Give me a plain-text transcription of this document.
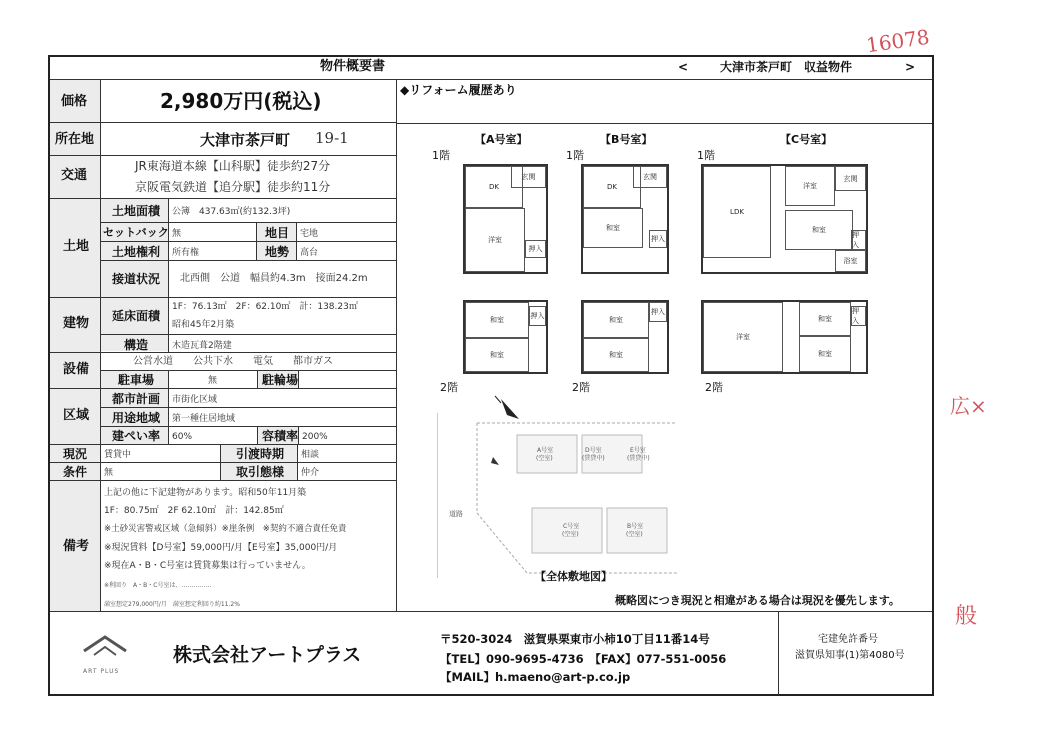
16078
広×
般
物件概要書	<	大津市茶戸町　収益物件	>
価格	2,980万円(税込)
所在地	大津市茶戸町 19-1
交通
JR東海道本線【山科駅】徒歩約27分
京阪電気鉄道【追分駅】徒歩約11分
土地
土地面積 公簿　437.63㎡(約132.3坪)
セットバック 無	地目 宅地
土地権利 所有権	地勢 高台
接道状況 北西側　公道　幅員約4.3m　接面24.2m
建物 延床面積
1F：76.13㎡　2F：62.10㎡　計：138.23㎡
昭和45年2月築
構造	木造瓦葺2階建
設備
公営水道　　公共下水　　電気　　都市ガス
駐車場	無	駐輪場
区域
都市計画 市街化区域
用途地域 第一種住居地域
建ぺい率 60%	容積率 200%
現況 賃貸中	引渡時期 相談
条件 無	取引態様 仲介
備考
上記の他に下記建物があります。昭和50年11月築
1F：80.75㎡　2F 62.10㎡　計：142.85㎡
※土砂災害警戒区域（急傾斜）※崖条例　※契約不適合責任免責
※現況賃料【D号室】59,000円/月【E号室】35,000円/月
※現在A・B・C号室は賃貸募集は行っていません。
※利回り　A・B・C号室は、……………
満室想定279,000円/月　満室想定利回り約11.2%
◆リフォーム履歴あり
【A号室】	【B号室】	【C号室】
1階	1階	1階
DK
玄関
洋室
押入
DK
玄関
和室
押入
LDK
洋室
玄関
和室
押入
浴室
和室	押入
和室
和室
押入
和室
洋室
和室
押入
和室
2階	2階	2階
道路
A号室
(空室)
D号室
(賃貸中)
E号室
(賃貸中)
C号室
(空室)
B号室
(空室)
【全体敷地図】
概略図につき現況と相違がある場合は現況を優先します。
ART PLUS
株式会社アートプラス
〒520-3024　滋賀県栗東市小柿10丁目11番14号
【TEL】090-9695-4736　【FAX】077-551-0056
【MAIL】h.maeno@art-p.co.jp
宅建免許番号
滋賀県知事(1)第4080号
